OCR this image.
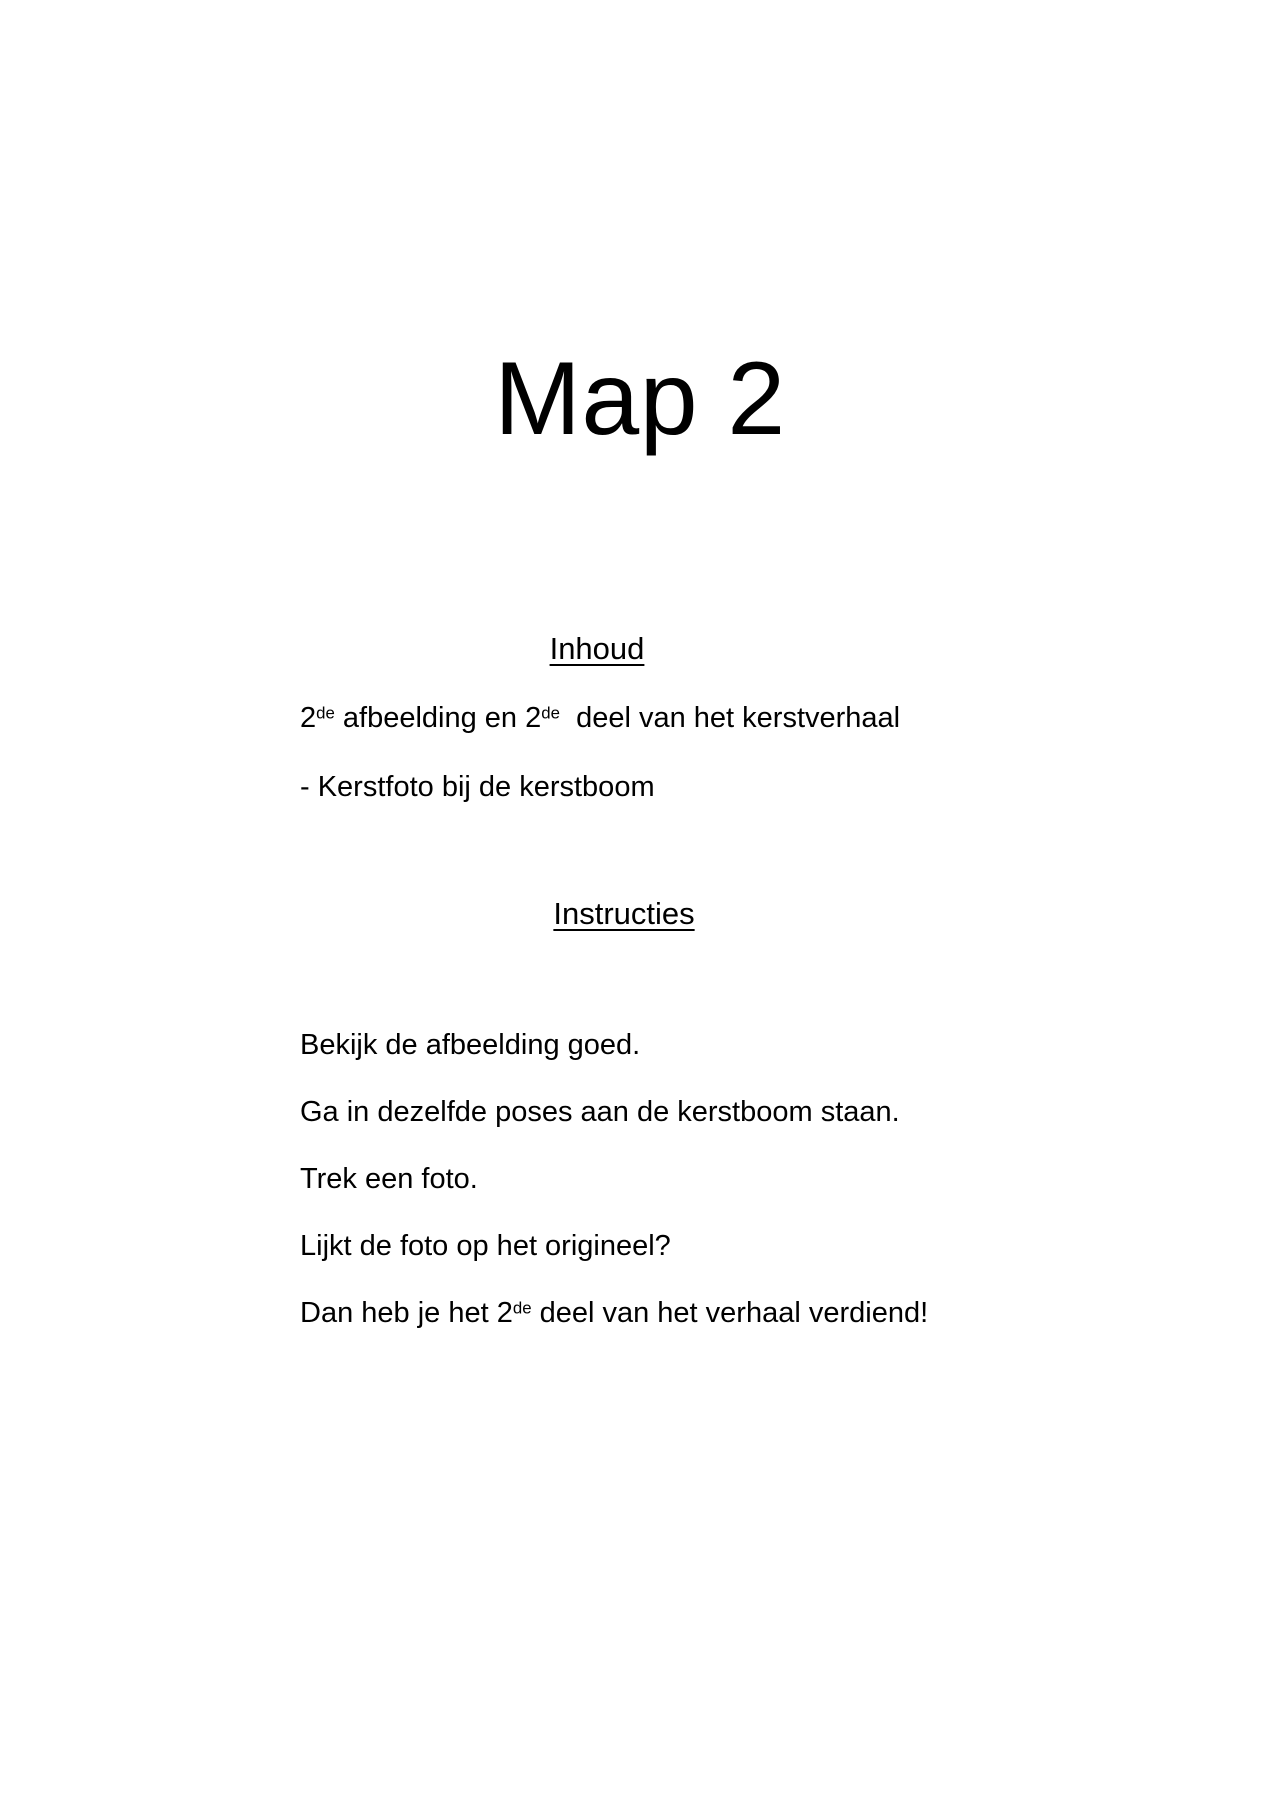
Map 2
Inhoud
2de afbeelding en 2de  deel van het kerstverhaal
- Kerstfoto bij de kerstboom
Instructies
Bekijk de afbeelding goed.
Ga in dezelfde poses aan de kerstboom staan.
Trek een foto.
Lijkt de foto op het origineel?
Dan heb je het 2de deel van het verhaal verdiend!
